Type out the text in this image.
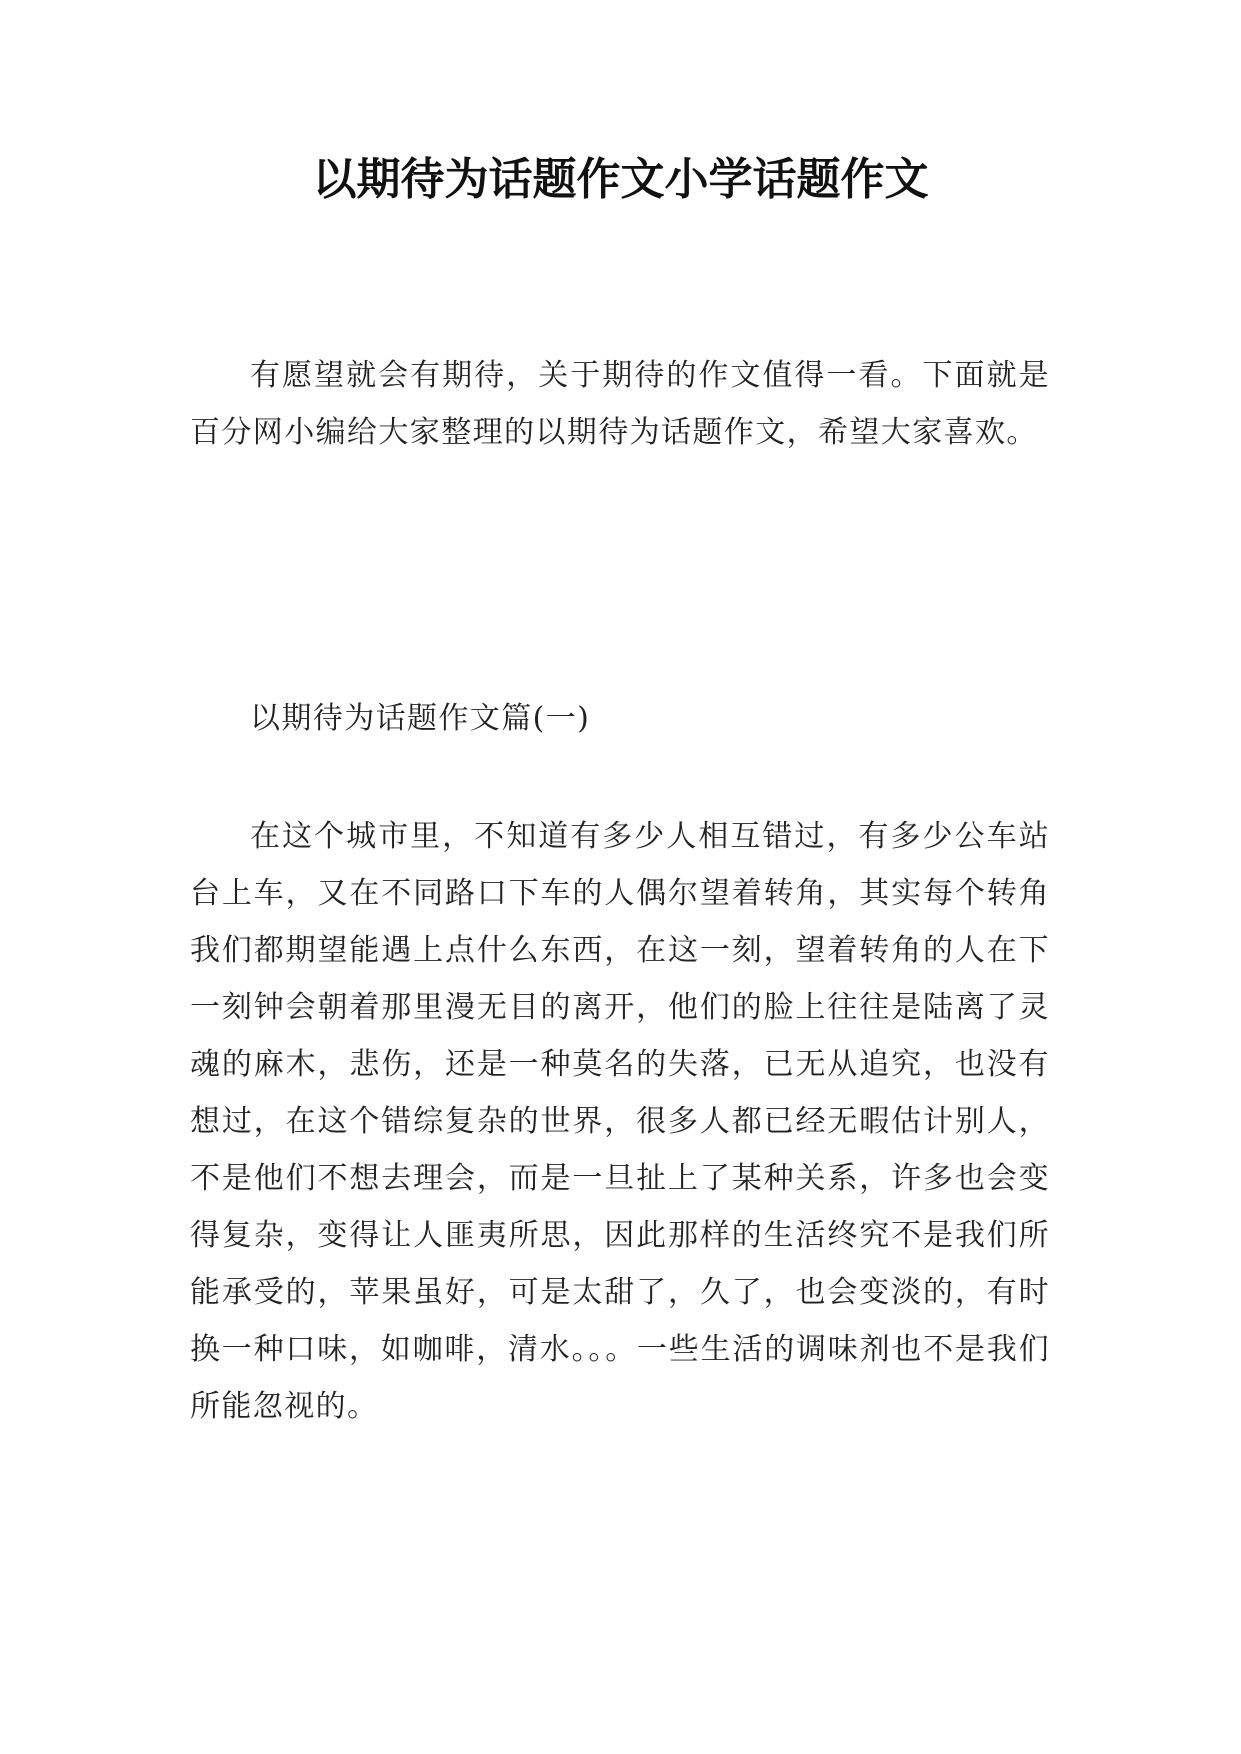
以期待为话题作文小学话题作文

有愿望就会有期待，关于期待的作文值得一看。下面就是百分网小编给大家整理的以期待为话题作文，希望大家喜欢。

以期待为话题作文篇(一)

在这个城市里，不知道有多少人相互错过，有多少公车站台上车，又在不同路口下车的人偶尔望着转角，其实每个转角我们都期望能遇上点什么东西，在这一刻，望着转角的人在下一刻钟会朝着那里漫无目的离开，他们的脸上往往是陆离了灵魂的麻木，悲伤，还是一种莫名的失落，已无从追究，也没有想过，在这个错综复杂的世界，很多人都已经无暇估计别人，不是他们不想去理会，而是一旦扯上了某种关系，许多也会变得复杂，变得让人匪夷所思，因此那样的生活终究不是我们所能承受的，苹果虽好，可是太甜了，久了，也会变淡的，有时换一种口味，如咖啡，清水。。。一些生活的调味剂也不是我们所能忽视的。
